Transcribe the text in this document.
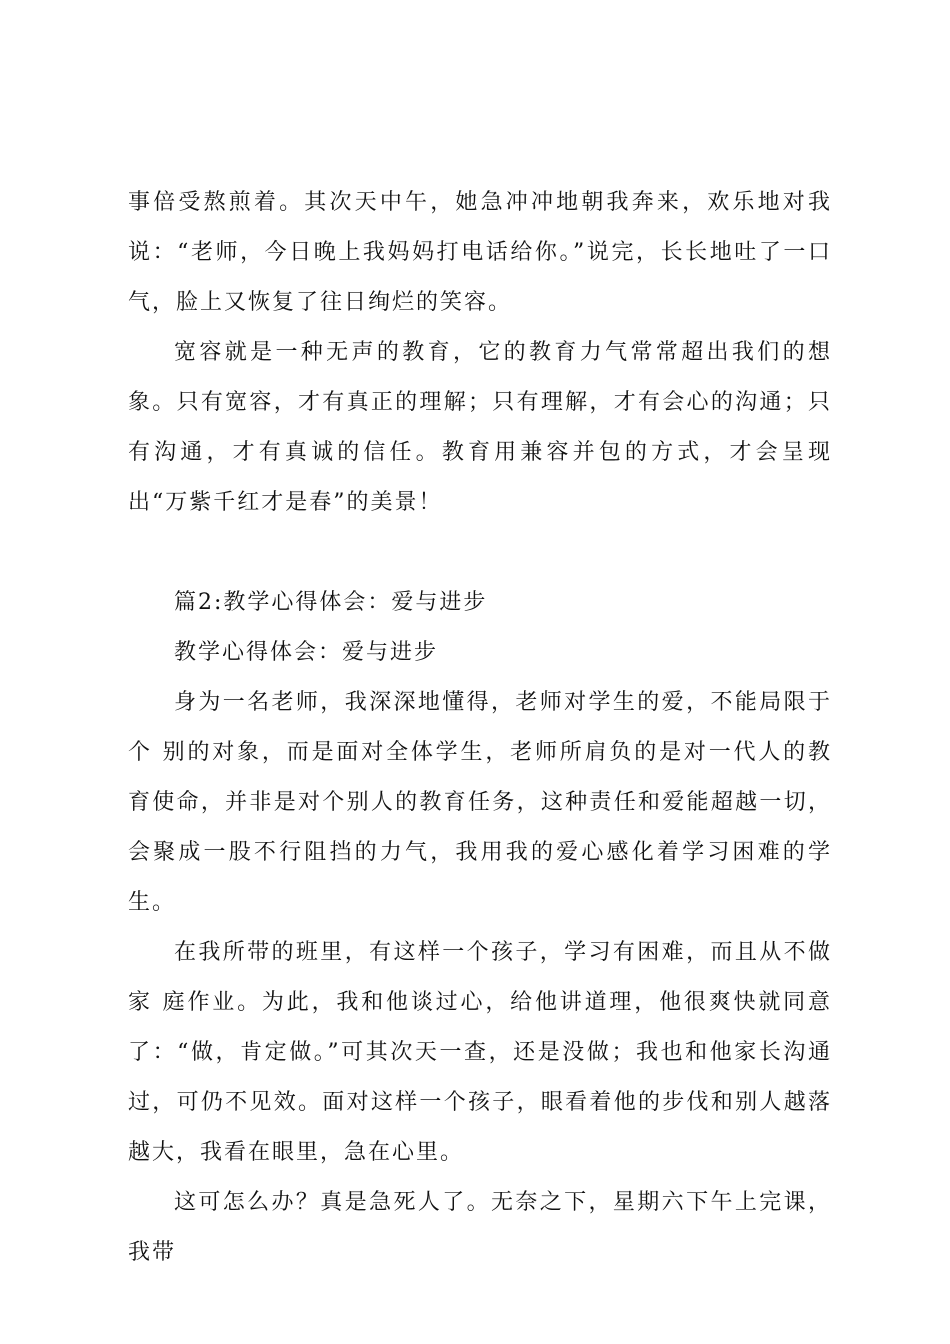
事倍受熬煎着。其次天中午，她急冲冲地朝我奔来，欢乐地对我说：“老师，今日晚上我妈妈打电话给你。”说完，长长地吐了一口气，脸上又恢复了往日绚烂的笑容。

宽容就是一种无声的教育，它的教育力气常常超出我们的想象。只有宽容，才有真正的理解；只有理解，才有会心的沟通；只有沟通，才有真诚的信任。教育用兼容并包的方式，才会呈现出“万紫千红才是春”的美景！

篇2:教学心得体会：爱与进步

教学心得体会：爱与进步

身为一名老师，我深深地懂得，老师对学生的爱，不能局限于个 别的对象，而是面对全体学生，老师所肩负的是对一代人的教育使命，并非是对个别人的教育任务，这种责任和爱能超越一切，会聚成一股不行阻挡的力气，我用我的爱心感化着学习困难的学生。

在我所带的班里，有这样一个孩子，学习有困难，而且从不做家 庭作业。为此，我和他谈过心，给他讲道理，他很爽快就同意了：“做，肯定做。”可其次天一查，还是没做；我也和他家长沟通过，可仍不见效。面对这样一个孩子，眼看着他的步伐和别人越落越大，我看在眼里，急在心里。

这可怎么办？真是急死人了。无奈之下，星期六下午上完课，我带
